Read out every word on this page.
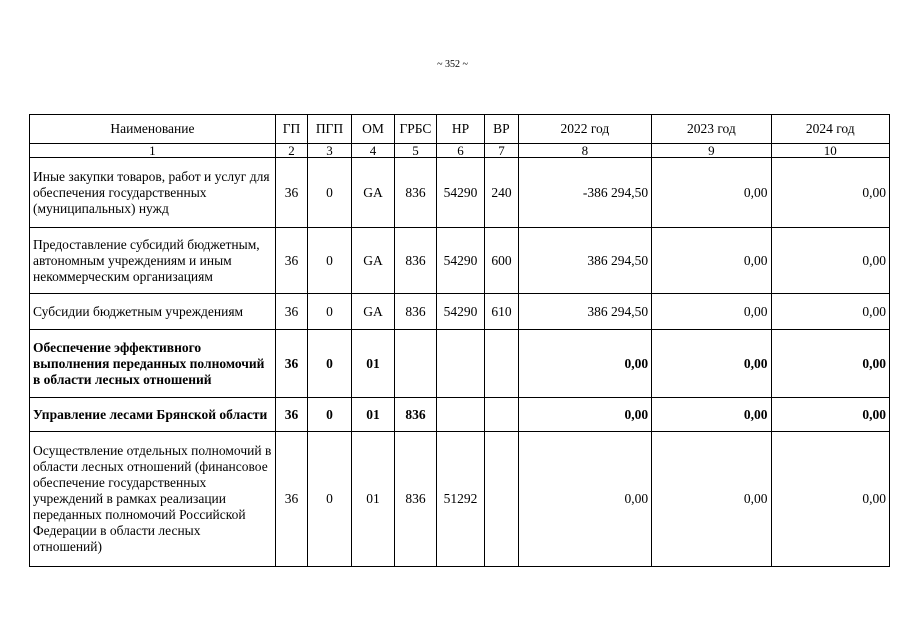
~ 352 ~
Наименование	ГП	ПГП	ОМ	ГРБС	НР	ВР	2022 год	2023 год	2024 год
1	2	3	4	5	6	7	8	9	10
Иные закупки товаров, работ и услуг для обеспечения государственных (муниципальных) нужд	36	0	GA	836	54290	240	-386 294,50	0,00	0,00
Предоставление субсидий бюджетным, автономным учреждениям и иным некоммерческим организациям	36	0	GA	836	54290	600	386 294,50	0,00	0,00
Субсидии бюджетным учреждениям	36	0	GA	836	54290	610	386 294,50	0,00	0,00
Обеспечение эффективного выполнения переданных полномочий в области лесных отношений	36	0	01				0,00	0,00	0,00
Управление лесами Брянской области	36	0	01	836			0,00	0,00	0,00
Осуществление отдельных полномочий в области лесных отношений (финансовое обеспечение государственных учреждений в рамках реализации переданных полномочий Российской Федерации в области лесных отношений)	36	0	01	836	51292		0,00	0,00	0,00
